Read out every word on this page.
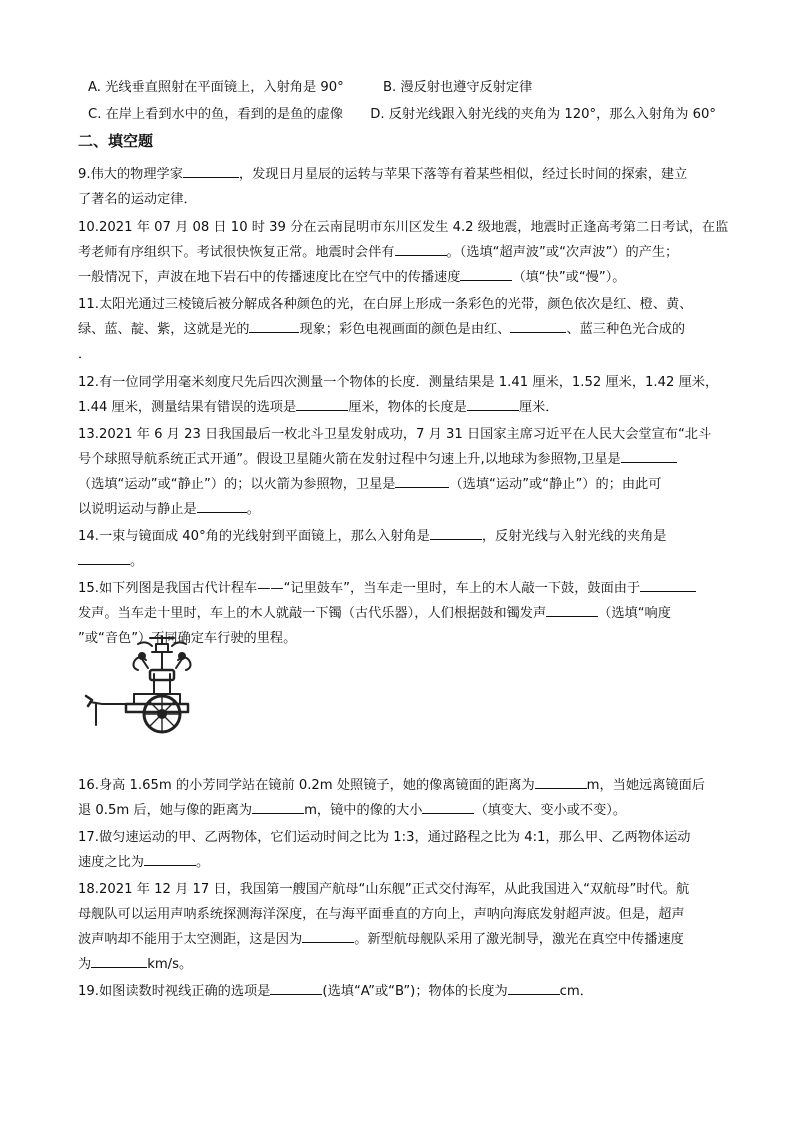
A. 光线垂直照射在平面镜上，入射角是 90°	B. 漫反射也遵守反射定律
C. 在岸上看到水中的鱼，看到的是鱼的虚像	D. 反射光线跟入射光线的夹角为 120°，那么入射角为 60°
二、填空题
9.伟大的物理学家	，发现日月星辰的运转与苹果下落等有着某些相似，经过长时间的探索，建立
了著名的运动定律．
10.2021 年 07 月 08 日 10 时 39 分在云南昆明市东川区发生 4.2 级地震，地震时正逢高考第二日考试，在监
考老师有序组织下。考试很快恢复正常。地震时会伴有	。（选填“超声波”或“次声波”）的产生；
一般情况下，声波在地下岩石中的传播速度比在空气中的传播速度	（填“快”或“慢”）。
11.太阳光通过三棱镜后被分解成各种颜色的光，在白屏上形成一条彩色的光带，颜色依次是红、橙、黄、
绿、蓝、靛、紫，这就是光的	现象；彩色电视画面的颜色是由红、	、蓝三种色光合成的
．
12.有一位同学用毫米刻度尺先后四次测量一个物体的长度．测量结果是 1.41 厘米，1.52 厘米，1.42 厘米，
1.44 厘米，测量结果有错误的选项是	厘米，物体的长度是	厘米．
13.2021 年 6 月 23 日我国最后一枚北斗卫星发射成功，7 月 31 日国家主席习近平在人民大会堂宣布“北斗
号个球照导航系统正式开通”。假设卫星随火箭在发射过程中匀速上升,以地球为参照物,卫星是
（选填“运动”或“静止”）的；以火箭为参照物，卫星是	（选填“运动”或“静止”）的；由此可
以说明运动与静止是	。
14.一束与镜面成 40°角的光线射到平面镜上，那么入射角是	，反射光线与入射光线的夹角是
。
15.如下列图是我国古代计程车——“记里鼓车”，当车走一里时，车上的木人敲一下鼓，鼓面由于
发声。当车走十里时，车上的木人就敲一下镯（古代乐器），人们根据鼓和镯发声	（选填“响度
”或“音色”）不同确定车行驶的里程。
16.身高 1.65m 的小芳同学站在镜前 0.2m 处照镜子，她的像离镜面的距离为	m，当她远离镜面后
退 0.5m 后，她与像的距离为	m，镜中的像的大小	（填变大、变小或不变）。
17.做匀速运动的甲、乙两物体，它们运动时间之比为 1:3，通过路程之比为 4:1，那么甲、乙两物体运动
速度之比为	。
18.2021 年 12 月 17 日，我国第一艘国产航母“山东舰”正式交付海军，从此我国进入“双航母”时代。航
母舰队可以运用声呐系统探测海洋深度，在与海平面垂直的方向上，声呐向海底发射超声波。但是，超声
波声呐却不能用于太空测距，这是因为	。新型航母舰队采用了激光制导，激光在真空中传播速度
为	km/s。
19.如图读数时视线正确的选项是	(选填“A”或“B”)；物体的长度为	cm．
